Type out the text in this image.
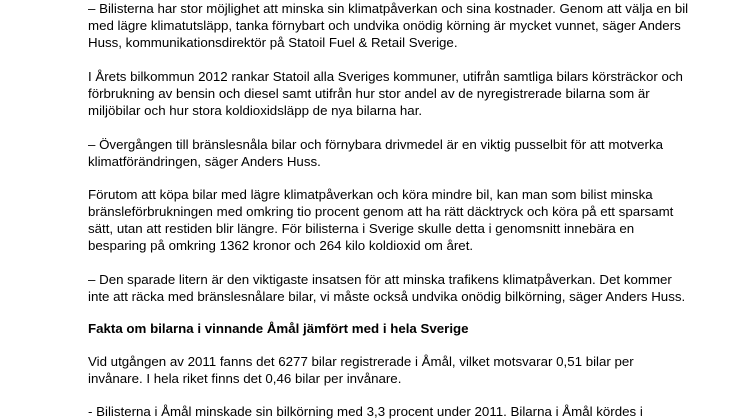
– Bilisterna har stor möjlighet att minska sin klimatpåverkan och sina kostnader. Genom att välja en bil

med lägre klimatutsläpp, tanka förnybart och undvika onödig körning är mycket vunnet, säger Anders

Huss, kommunikationsdirektör på Statoil Fuel & Retail Sverige.

I Årets bilkommun 2012 rankar Statoil alla Sveriges kommuner, utifrån samtliga bilars körsträckor och

förbrukning av bensin och diesel samt utifrån hur stor andel av de nyregistrerade bilarna som är

miljöbilar och hur stora koldioxidsläpp de nya bilarna har.

– Övergången till bränslesnåla bilar och förnybara drivmedel är en viktig pusselbit för att motverka

klimatförändringen, säger Anders Huss.

Förutom att köpa bilar med lägre klimatpåverkan och köra mindre bil, kan man som bilist minska

bränsleförbrukningen med omkring tio procent genom att ha rätt däcktryck och köra på ett sparsamt

sätt, utan att restiden blir längre. För bilisterna i Sverige skulle detta i genomsnitt innebära en

besparing på omkring 1362 kronor och 264 kilo koldioxid om året.

– Den sparade litern är den viktigaste insatsen för att minska trafikens klimatpåverkan. Det kommer

inte att räcka med bränslesnålare bilar, vi måste också undvika onödig bilkörning, säger Anders Huss.

Fakta om bilarna i vinnande Åmål jämfört med i hela Sverige

Vid utgången av 2011 fanns det 6277 bilar registrerade i Åmål, vilket motsvarar 0,51 bilar per

invånare. I hela riket finns det 0,46 bilar per invånare.

- Bilisterna i Åmål minskade sin bilkörning med 3,3 procent under 2011. Bilarna i Åmål kördes i
